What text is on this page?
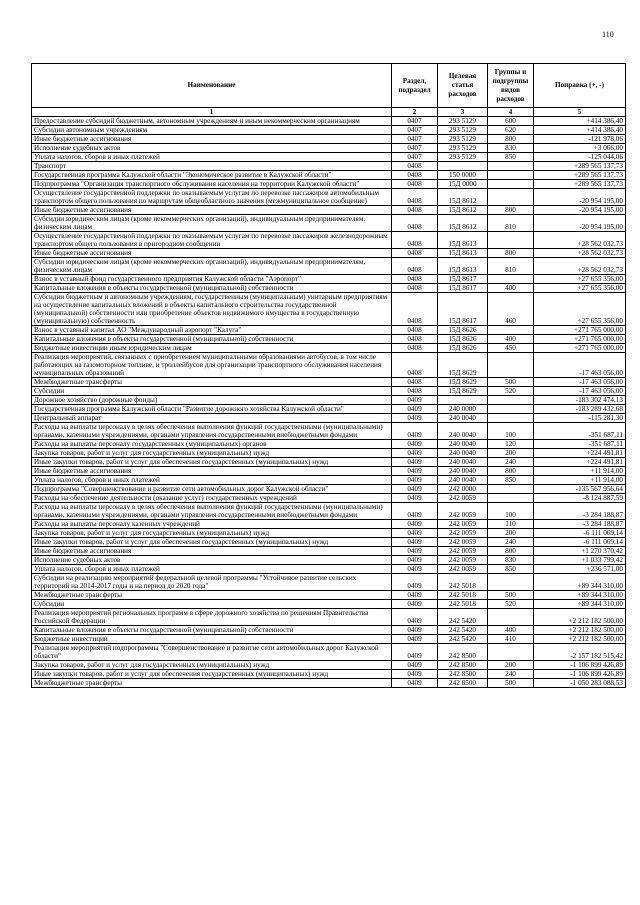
110
Наименование	Раздел, подраздел	Целевая статья расходов	Группы и подгруппы видов расходов	Поправка (+, -)
1	2	3	4	5
Предоставление субсидий бюджетным, автономным учреждениям и иным некоммерческим организациям	0407	293 5129	600	+414 386,40
Субсидии автономным учреждениям	0407	293 5129	620	+414 386,40
Иные бюджетные ассигнования	0407	293 5129	800	-121 978,06
Исполнение судебных актов	0407	293 5129	830	+3 066,00
Уплата налогов, сборов и иных платежей	0407	293 5129	850	-125 044,06
Транспорт	0408			+289 565 137,73
Государственная программа Калужской области "Экономическое развитие в Калужской области"	0408	150 0000		+289 565 137,73
Подпрограмма "Организация транспортного обслуживания населения на территории Калужской области"	0408	15Д 0000		+289 565 137,73
Осуществление государственной поддержки по оказываемым услугам по перевозке пассажиров автомобильным транспортом общего пользования по маршрутам общеобластного значения (межмуниципальное сообщение)	0408	15Д 8612		-20 954 195,00
Иные бюджетные ассигнования	0408	15Д 8612	800	-20 954 195,00
Субсидии юридическим лицам (кроме некоммерческих организаций), индивидуальным предпринимателям, физическим лицам	0408	15Д 8612	810	-20 954 195,00
Осуществление государственной поддержки по оказываемым услугам по перевозке пассажиров железнодорожным транспортом общего пользования в пригородном сообщении	0408	15Д 8613		+28 562 032,73
Иные бюджетные ассигнования	0408	15Д 8613	800	+28 562 032,73
Субсидии юридическим лицам (кроме некоммерческих организаций), индивидуальным предпринимателям, физическим лицам	0408	15Д 8613	810	+28 562 032,73
Взнос в уставный фонд государственного предприятия Калужской области "Аэропорт"	0408	15Д 8617		+27 655 356,00
Капитальные вложения в объекты государственной (муниципальной) собственности	0408	15Д 8617	400	+27 655 356,00
Субсидии бюджетным и автономным учреждениям, государственным (муниципальным) унитарным предприятиям на осуществление капитальных вложений в объекты капитального строительства государственной (муниципальной) собственности или приобретение объектов недвижимого имущества в государственную (муниципальную) собственность	0408	15Д 8617	460	+27 655 356,00
Взнос в уставный капитал АО "Международный аэропорт "Калуга"	0408	15Д 8626		+271 765 000,00
Капитальные вложения в объекты государственной (муниципальной) собственности	0408	15Д 8626	400	+271 765 000,00
Бюджетные инвестиции иным юридическим лицам	0408	15Д 8626	450	+271 765 000,00
Реализация мероприятий, связанных с приобретением муниципальными образованиями автобусов, в том числе работающих на газомоторном топливе, и троллейбусов для организации транспортного обслуживания населения муниципальных образований	0408	15Д 8629		-17 463 056,00
Межбюджетные трансферты	0408	15Д 8629	500	-17 463 056,00
Субсидии	0408	15Д 8629	520	-17 463 056,00
Дорожное хозяйство (дорожные фонды)	0409			-183 302 474,13
Государственная программа Калужской области "Развитие дорожного хозяйства Калужской области"	0409	240 0000		-183 289 432,68
Центральный аппарат	0409	240 0040		-115 281,30
Расходы на выплаты персоналу в целях обеспечения выполнения функций государственными (муниципальными) органами, казенными учреждениями, органами управления государственными внебюджетными фондами	0409	240 0040	100	-351 687,11
Расходы на выплаты персоналу государственных (муниципальных) органов	0409	240 0040	120	-351 687,11
Закупка товаров, работ и услуг для государственных (муниципальных) нужд	0409	240 0040	200	+224 491,81
Иные закупки товаров, работ и услуг для обеспечения государственных (муниципальных) нужд	0409	240 0040	240	+224 491,81
Иные бюджетные ассигнования	0409	240 0040	800	+11 914,00
Уплата налогов, сборов и иных платежей	0409	240 0040	850	+11 914,00
Подпрограмма "Совершенствование и развитие сети автомобильных дорог Калужской области"	0409	242 0000		-135 567 956,64
Расходы на обеспечение деятельности (оказание услуг) государственных учреждений	0409	242 0059		-8 124 887,59
Расходы на выплаты персоналу в целях обеспечения выполнения функций государственными (муниципальными) органами, казенными учреждениями, органами управления государственными внебюджетными фондами	0409	242 0059	100	-3 284 188,87
Расходы на выплаты персоналу казенных учреждений	0409	242 0059	110	-3 284 188,87
Закупка товаров, работ и услуг для государственных (муниципальных) нужд	0409	242 0059	200	-6 111 069,14
Иные закупки товаров, работ и услуг для обеспечения государственных (муниципальных) нужд	0409	242 0059	240	-6 111 069,14
Иные бюджетные ассигнования	0409	242 0059	800	+1 270 370,42
Исполнение судебных актов	0409	242 0059	830	+1 033 799,42
Уплата налогов, сборов и иных платежей	0409	242 0059	850	+236 571,00
Субсидии на реализацию мероприятий федеральной целевой программы "Устойчивое развитие сельских территорий на 2014-2017 годы и на период до 2020 года"	0409	242 5018		+89 344 310,00
Межбюджетные трансферты	0409	242 5018	500	+89 344 310,00
Субсидии	0409	242 5018	520	+89 344 310,00
Реализация мероприятий региональных программ в сфере дорожного хозяйства по решениям Правительства Российской Федерации	0409	242 5420		+2 212 182 500,00
Капитальные вложения в объекты государственной (муниципальной) собственности	0409	242 5420	400	+2 212 182 500,00
Бюджетные инвестиции	0409	242 5420	410	+2 212 182 500,00
Реализация мероприятий подпрограммы "Совершенствование и развитие сети автомобильных дорог Калужской области"	0409	242 8500		-2 157 182 515,42
Закупка товаров, работ и услуг для государственных (муниципальных) нужд	0409	242 8500	200	-1 106 899 426,89
Иные закупки товаров, работ и услуг для обеспечения государственных (муниципальных) нужд	0409	242 8500	240	-1 106 899 426,89
Межбюджетные трансферты	0409	242 8500	500	-1 050 283 088,53
